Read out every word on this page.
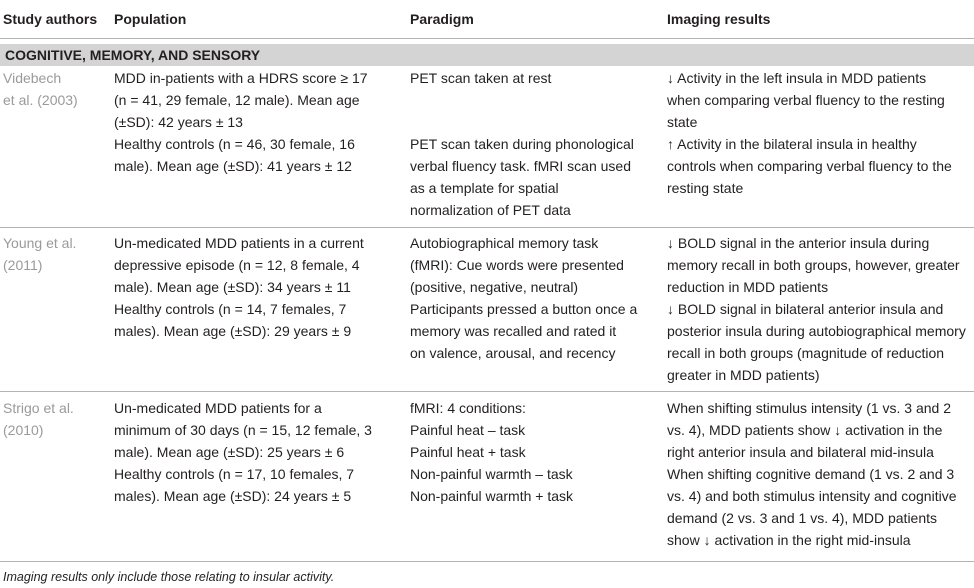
Study authors Population	Paradigm	Imaging results
COGNITIVE, MEMORY, AND SENSORY
Videbech
et al. (2003)
MDD in-patients with a HDRS score ≥ 17
(n = 41, 29 female, 12 male). Mean age
(±SD): 42 years ± 13
Healthy controls (n = 46, 30 female, 16
male). Mean age (±SD): 41 years ± 12
PET scan taken at rest
PET scan taken during phonological
verbal fluency task. fMRI scan used
as a template for spatial
normalization of PET data
↓ Activity in the left insula in MDD patients
when comparing verbal fluency to the resting
state
↑ Activity in the bilateral insula in healthy
controls when comparing verbal fluency to the
resting state
Young et al.
(2011)
Un-medicated MDD patients in a current
depressive episode (n = 12, 8 female, 4
male). Mean age (±SD): 34 years ± 11
Healthy controls (n = 14, 7 females, 7
males). Mean age (±SD): 29 years ± 9
Autobiographical memory task
(fMRI): Cue words were presented
(positive, negative, neutral)
Participants pressed a button once a
memory was recalled and rated it
on valence, arousal, and recency
↓ BOLD signal in the anterior insula during
memory recall in both groups, however, greater
reduction in MDD patients
↓ BOLD signal in bilateral anterior insula and
posterior insula during autobiographical memory
recall in both groups (magnitude of reduction
greater in MDD patients)
Strigo et al.
(2010)
Un-medicated MDD patients for a
minimum of 30 days (n = 15, 12 female, 3
male). Mean age (±SD): 25 years ± 6
Healthy controls (n = 17, 10 females, 7
males). Mean age (±SD): 24 years ± 5
fMRI: 4 conditions:
Painful heat – task
Painful heat + task
Non-painful warmth – task
Non-painful warmth + task
When shifting stimulus intensity (1 vs. 3 and 2
vs. 4), MDD patients show ↓ activation in the
right anterior insula and bilateral mid-insula
When shifting cognitive demand (1 vs. 2 and 3
vs. 4) and both stimulus intensity and cognitive
demand (2 vs. 3 and 1 vs. 4), MDD patients
show ↓ activation in the right mid-insula
Imaging results only include those relating to insular activity.
